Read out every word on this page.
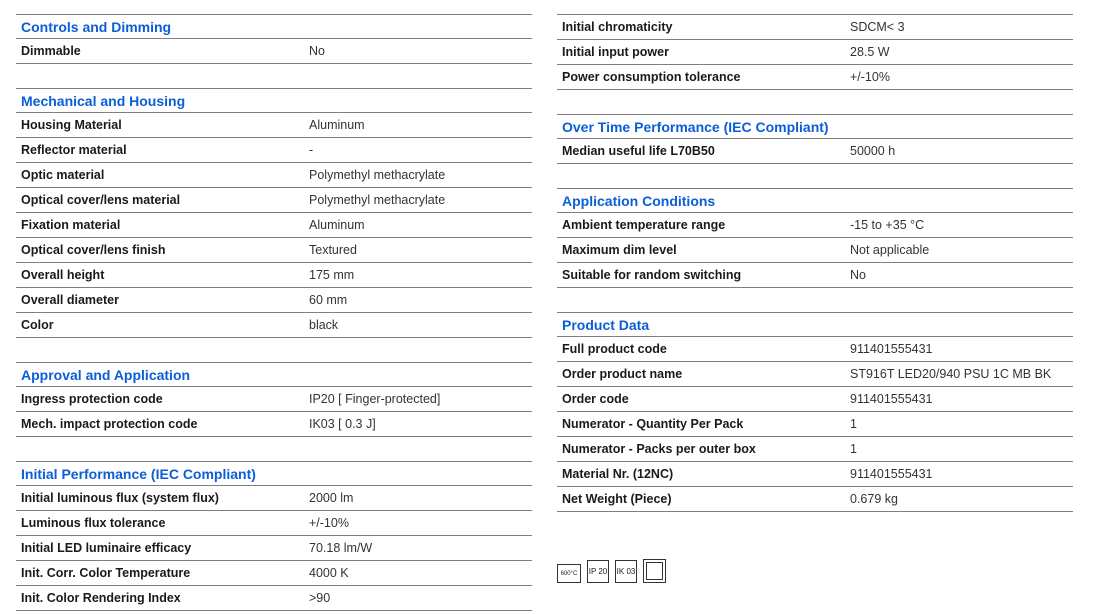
Controls and Dimming
Dimmable	No
Mechanical and Housing
Housing Material	Aluminum
Reflector material	-
Optic material	Polymethyl methacrylate
Optical cover/lens material	Polymethyl methacrylate
Fixation material	Aluminum
Optical cover/lens finish	Textured
Overall height	175 mm
Overall diameter	60 mm
Color	black
Approval and Application
Ingress protection code	IP20 [ Finger-protected]
Mech. impact protection code	IK03 [ 0.3 J]
Initial Performance (IEC Compliant)
Initial luminous flux (system flux)	2000 lm
Luminous flux tolerance	+/-10%
Initial LED luminaire efficacy	70.18 lm/W
Init. Corr. Color Temperature	4000 K
Init. Color Rendering Index	>90
Initial chromaticity	SDCM< 3
Initial input power	28.5 W
Power consumption tolerance	+/-10%
Over Time Performance (IEC Compliant)
Median useful life L70B50	50000 h
Application Conditions
Ambient temperature range	-15 to +35 °C
Maximum dim level	Not applicable
Suitable for random switching	No
Product Data
Full product code	911401555431
Order product name	ST916T LED20/940 PSU 1C MB BK
Order code	911401555431
Numerator - Quantity Per Pack	1
Numerator - Packs per outer box	1
Material Nr. (12NC)	911401555431
Net Weight (Piece)	0.679 kg
600°C IP 20 IK 03
